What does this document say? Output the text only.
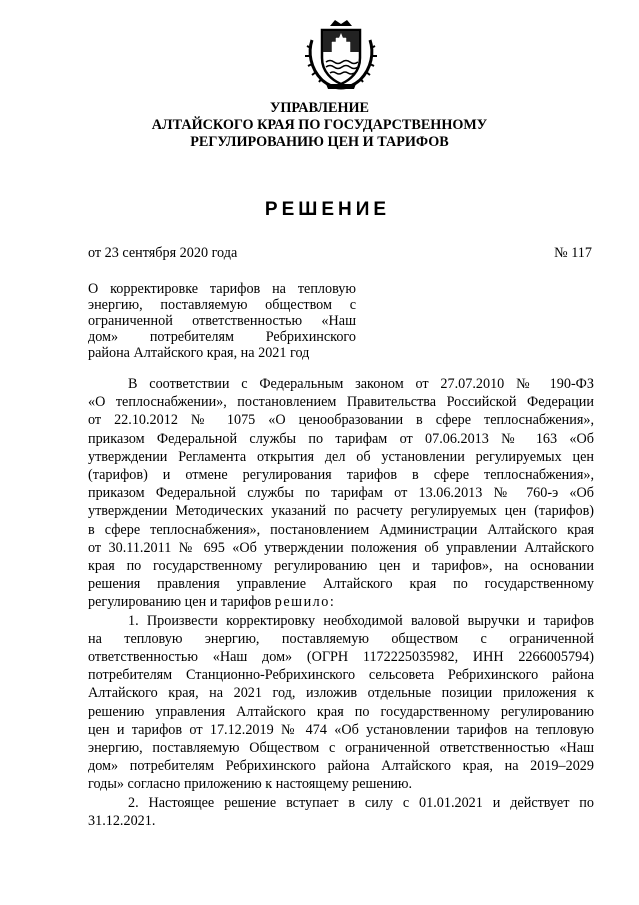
УПРАВЛЕНИЕ
АЛТАЙСКОГО КРАЯ ПО ГОСУДАРСТВЕННОМУ
РЕГУЛИРОВАНИЮ ЦЕН И ТАРИФОВ
РЕШЕНИЕ
от 23 сентября 2020 года	№ 117
О корректировке тарифов на тепловую
энергию, поставляемую обществом с
ограниченной ответственностью «Наш
дом» потребителям Ребрихинского
района Алтайского края, на 2021 год

В соответствии с Федеральным законом от 27.07.2010 № 190-ФЗ

«О теплоснабжении», постановлением Правительства Российской Федерации

от 22.10.2012 № 1075 «О ценообразовании в сфере теплоснабжения»,

приказом Федеральной службы по тарифам от 07.06.2013 № 163 «Об

утверждении Регламента открытия дел об установлении регулируемых цен

(тарифов) и отмене регулирования тарифов в сфере теплоснабжения»,

приказом Федеральной службы по тарифам от 13.06.2013 № 760-э «Об

утверждении Методических указаний по расчету регулируемых цен (тарифов)

в сфере теплоснабжения», постановлением Администрации Алтайского края

от 30.11.2011 № 695 «Об утверждении положения об управлении Алтайского

края по государственному регулированию цен и тарифов», на основании

решения правления управление Алтайского края по государственному

регулированию цен и тарифов решило:

1. Произвести корректировку необходимой валовой выручки и тарифов

на тепловую энергию, поставляемую обществом с ограниченной

ответственностью «Наш дом» (ОГРН 1172225035982, ИНН 2266005794)

потребителям Станционно-Ребрихинского сельсовета Ребрихинского района

Алтайского края, на 2021 год, изложив отдельные позиции приложения к

решению управления Алтайского края по государственному регулированию

цен и тарифов от 17.12.2019 № 474 «Об установлении тарифов на тепловую

энергию, поставляемую Обществом с ограниченной ответственностью «Наш

дом» потребителям Ребрихинского района Алтайского края, на 2019–2029

годы» согласно приложению к настоящему решению.

2. Настоящее решение вступает в силу с 01.01.2021 и действует по

31.12.2021.
